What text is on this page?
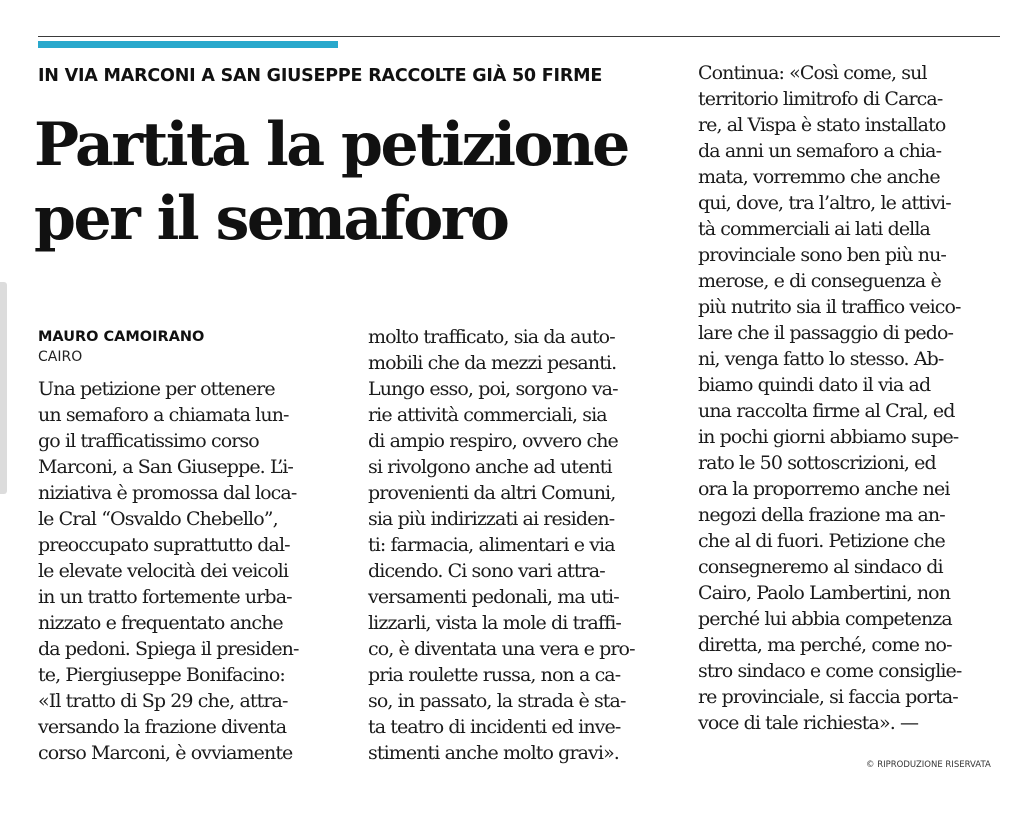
IN VIA MARCONI A SAN GIUSEPPE RACCOLTE GIÀ 50 FIRME
Partita la petizione
per il semaforo
MAURO CAMOIRANO
CAIRO
Una petizione per ottenere
un semaforo a chiamata lun-
go il trafficatissimo corso
Marconi, a San Giuseppe. L’i-
niziativa è promossa dal loca-
le Cral “Osvaldo Chebello”,
preoccupato suprattutto dal-
le elevate velocità dei veicoli
in un tratto fortemente urba-
nizzato e frequentato anche
da pedoni. Spiega il presiden-
te, Piergiuseppe Bonifacino:
«Il tratto di Sp 29 che, attra-
versando la frazione diventa
corso Marconi, è ovviamente
molto trafficato, sia da auto-
mobili che da mezzi pesanti.
Lungo esso, poi, sorgono va-
rie attività commerciali, sia
di ampio respiro, ovvero che
si rivolgono anche ad utenti
provenienti da altri Comuni,
sia più indirizzati ai residen-
ti: farmacia, alimentari e via
dicendo. Ci sono vari attra-
versamenti pedonali, ma uti-
lizzarli, vista la mole di traffi-
co, è diventata una vera e pro-
pria roulette russa, non a ca-
so, in passato, la strada è sta-
ta teatro di incidenti ed inve-
stimenti anche molto gravi».
Continua: «Così come, sul
territorio limitrofo di Carca-
re, al Vispa è stato installato
da anni un semaforo a chia-
mata, vorremmo che anche
qui, dove, tra l’altro, le attivi-
tà commerciali ai lati della
provinciale sono ben più nu-
merose, e di conseguenza è
più nutrito sia il traffico veico-
lare che il passaggio di pedo-
ni, venga fatto lo stesso. Ab-
biamo quindi dato il via ad
una raccolta firme al Cral, ed
in pochi giorni abbiamo supe-
rato le 50 sottoscrizioni, ed
ora la proporremo anche nei
negozi della frazione ma an-
che al di fuori. Petizione che
consegneremo al sindaco di
Cairo, Paolo Lambertini, non
perché lui abbia competenza
diretta, ma perché, come no-
stro sindaco e come consiglie-
re provinciale, si faccia porta-
voce di tale richiesta». —
© RIPRODUZIONE RISERVATA
